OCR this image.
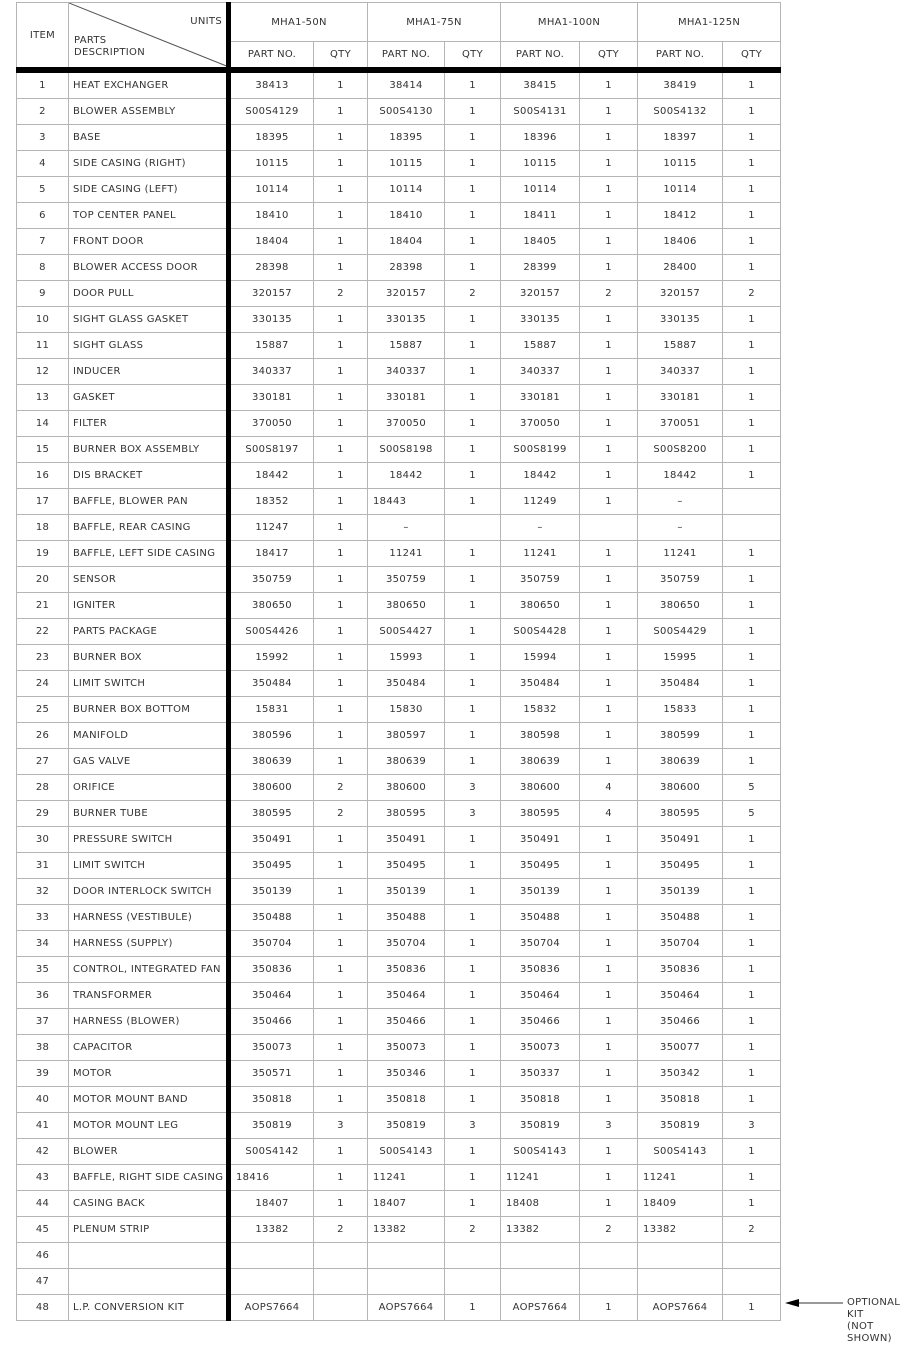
ITEM	UNITS
PARTS
DESCRIPTION	MHA1-50N		MHA1-75N		MHA1-100N		MHA1-125N	
		PART NO.	QTY	PART NO.	QTY	PART NO.	QTY	PART NO.	QTY
1	HEAT EXCHANGER	38413	1	38414	1	38415	1	38419	1
2	BLOWER ASSEMBLY	S00S4129	1	S00S4130	1	S00S4131	1	S00S4132	1
3	BASE	18395	1	18395	1	18396	1	18397	1
4	SIDE CASING (RIGHT)	10115	1	10115	1	10115	1	10115	1
5	SIDE CASING (LEFT)	10114	1	10114	1	10114	1	10114	1
6	TOP CENTER PANEL	18410	1	18410	1	18411	1	18412	1
7	FRONT DOOR	18404	1	18404	1	18405	1	18406	1
8	BLOWER ACCESS DOOR	28398	1	28398	1	28399	1	28400	1
9	DOOR PULL	320157	2	320157	2	320157	2	320157	2
10	SIGHT GLASS GASKET	330135	1	330135	1	330135	1	330135	1
11	SIGHT GLASS	15887	1	15887	1	15887	1	15887	1
12	INDUCER	340337	1	340337	1	340337	1	340337	1
13	GASKET	330181	1	330181	1	330181	1	330181	1
14	FILTER	370050	1	370050	1	370050	1	370051	1
15	BURNER BOX ASSEMBLY	S00S8197	1	S00S8198	1	S00S8199	1	S00S8200	1
16	DIS BRACKET	18442	1	18442	1	18442	1	18442	1
17	BAFFLE, BLOWER PAN	18352	1	18443	1	11249	1	–	
18	BAFFLE, REAR CASING	11247	1	–		–		–	
19	BAFFLE, LEFT SIDE CASING	18417	1	11241	1	11241	1	11241	1
20	SENSOR	350759	1	350759	1	350759	1	350759	1
21	IGNITER	380650	1	380650	1	380650	1	380650	1
22	PARTS PACKAGE	S00S4426	1	S00S4427	1	S00S4428	1	S00S4429	1
23	BURNER BOX	15992	1	15993	1	15994	1	15995	1
24	LIMIT SWITCH	350484	1	350484	1	350484	1	350484	1
25	BURNER BOX BOTTOM	15831	1	15830	1	15832	1	15833	1
26	MANIFOLD	380596	1	380597	1	380598	1	380599	1
27	GAS VALVE	380639	1	380639	1	380639	1	380639	1
28	ORIFICE	380600	2	380600	3	380600	4	380600	5
29	BURNER TUBE	380595	2	380595	3	380595	4	380595	5
30	PRESSURE SWITCH	350491	1	350491	1	350491	1	350491	1
31	LIMIT SWITCH	350495	1	350495	1	350495	1	350495	1
32	DOOR INTERLOCK SWITCH	350139	1	350139	1	350139	1	350139	1
33	HARNESS (VESTIBULE)	350488	1	350488	1	350488	1	350488	1
34	HARNESS (SUPPLY)	350704	1	350704	1	350704	1	350704	1
35	CONTROL, INTEGRATED FAN	350836	1	350836	1	350836	1	350836	1
36	TRANSFORMER	350464	1	350464	1	350464	1	350464	1
37	HARNESS (BLOWER)	350466	1	350466	1	350466	1	350466	1
38	CAPACITOR	350073	1	350073	1	350073	1	350077	1
39	MOTOR	350571	1	350346	1	350337	1	350342	1
40	MOTOR MOUNT BAND	350818	1	350818	1	350818	1	350818	1
41	MOTOR MOUNT LEG	350819	3	350819	3	350819	3	350819	3
42	BLOWER	S00S4142	1	S00S4143	1	S00S4143	1	S00S4143	1
43	BAFFLE, RIGHT SIDE CASING	18416	1	11241	1	11241	1	11241	1
44	CASING BACK	18407	1	18407	1	18408	1	18409	1
45	PLENUM STRIP	13382	2	13382	2	13382	2	13382	2
46									
47									
48	L.P. CONVERSION KIT	AOPS7664		AOPS7664	1	AOPS7664	1	AOPS7664	1	OPTIONAL KIT
(NOT SHOWN)
